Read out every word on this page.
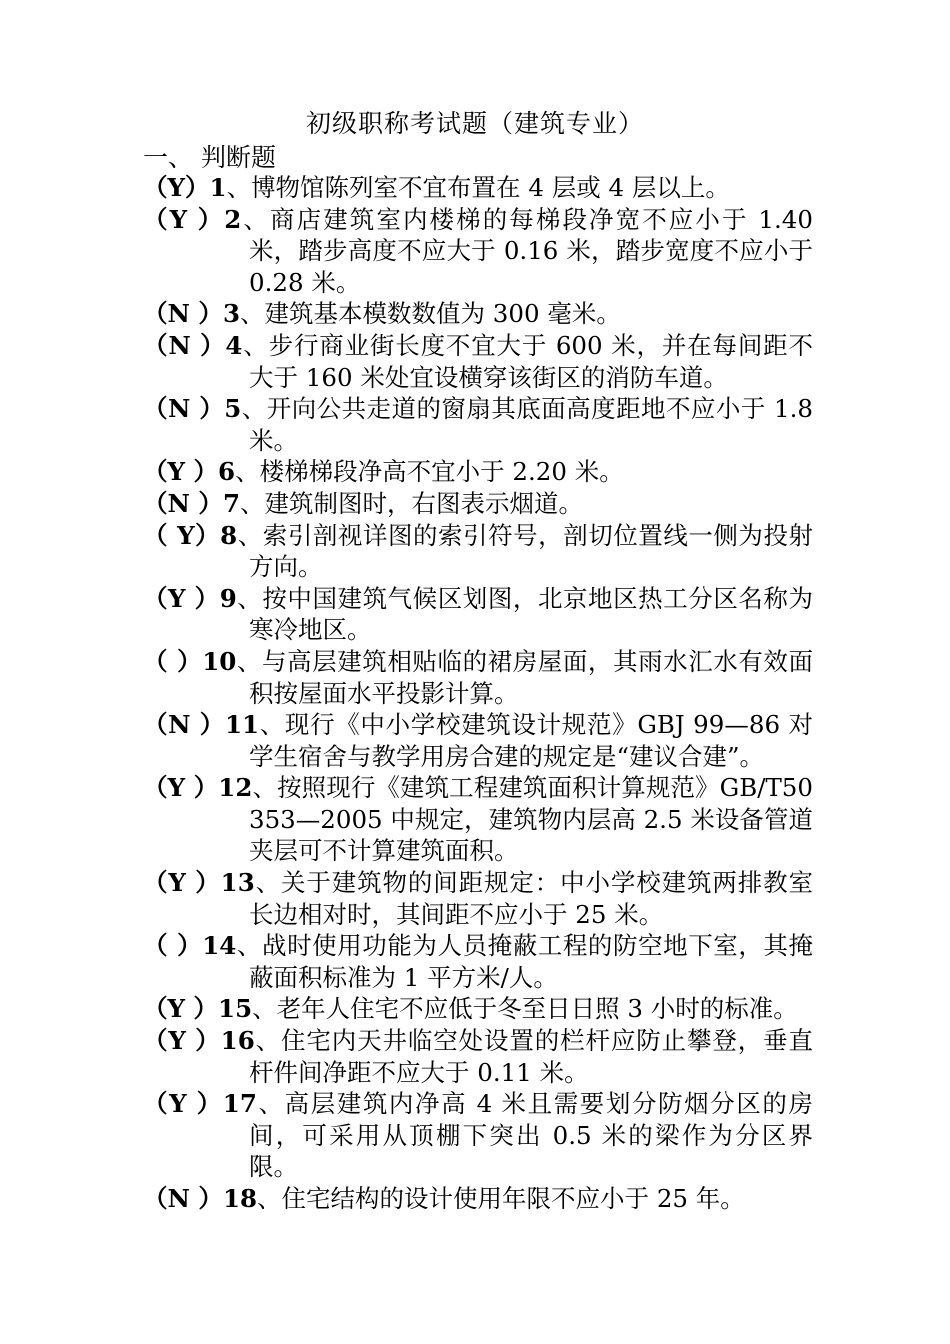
初级职称考试题（建筑专业）
一、 判断题
（Y）1、博物馆陈列室不宜布置在 4 层或 4 层以上。
（Y ）2、商店建筑室内楼梯的每梯段净宽不应小于 1.40 米，踏步高度不应大于 0.16 米，踏步宽度不应小于 0.28 米。
（N ）3、建筑基本模数数值为 300 毫米。
（N ）4、步行商业街长度不宜大于 600 米，并在每间距不大于 160 米处宜设横穿该街区的消防车道。
（N ）5、开向公共走道的窗扇其底面高度距地不应小于 1.8 米。
（Y ）6、楼梯梯段净高不宜小于 2.20 米。
（N ）7、建筑制图时，右图表示烟道。
（ Y）8、索引剖视详图的索引符号，剖切位置线一侧为投射方向。
（Y ）9、按中国建筑气候区划图，北京地区热工分区名称为寒冷地区。
（ ）10、与高层建筑相贴临的裙房屋面，其雨水汇水有效面积按屋面水平投影计算。
（N ）11、现行《中小学校建筑设计规范》GBJ 99—86 对学生宿舍与教学用房合建的规定是“建议合建”。
（Y ）12、按照现行《建筑工程建筑面积计算规范》GB/T50353—2005 中规定，建筑物内层高 2.5 米设备管道夹层可不计算建筑面积。
（Y ）13、关于建筑物的间距规定：中小学校建筑两排教室长边相对时，其间距不应小于 25 米。
（ ）14、战时使用功能为人员掩蔽工程的防空地下室，其掩蔽面积标准为 1 平方米/人。
（Y ）15、老年人住宅不应低于冬至日日照 3 小时的标准。
（Y ）16、住宅内天井临空处设置的栏杆应防止攀登，垂直杆件间净距不应大于 0.11 米。
（Y ）17、高层建筑内净高 4 米且需要划分防烟分区的房间，可采用从顶棚下突出 0.5 米的梁作为分区界限。
（N ）18、住宅结构的设计使用年限不应小于 25 年。
